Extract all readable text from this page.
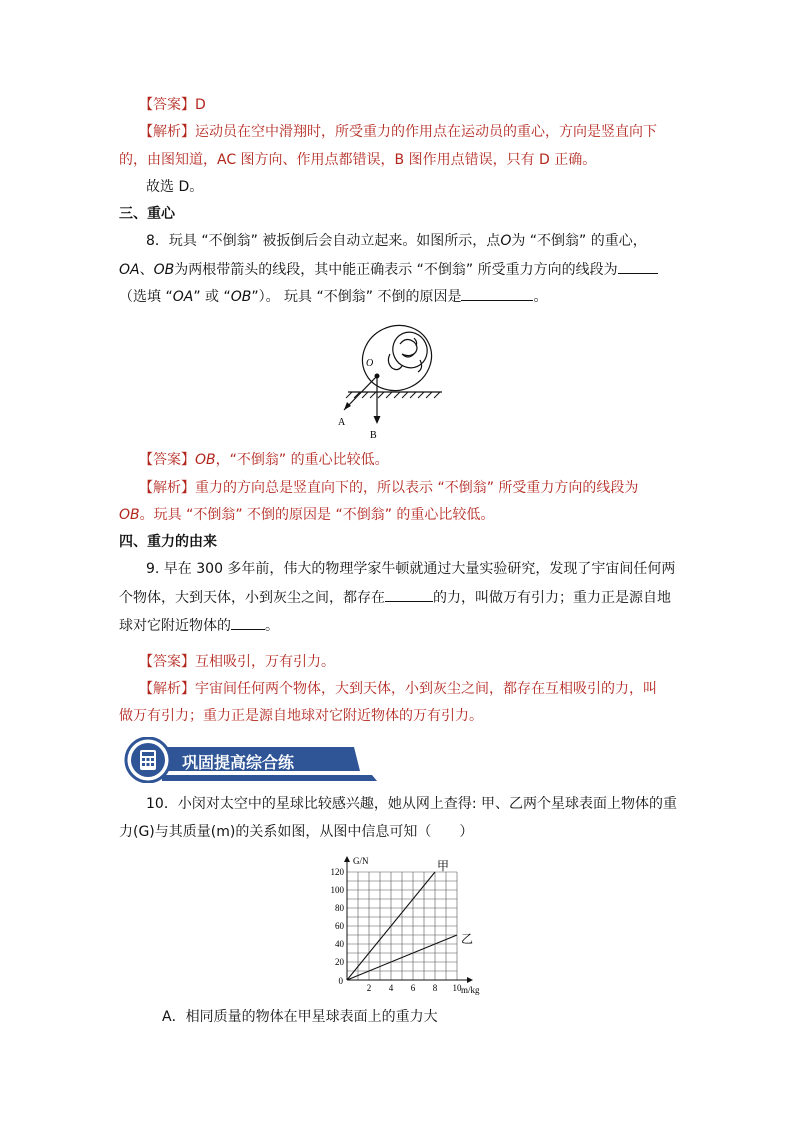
【答案】D
【解析】运动员在空中滑翔时，所受重力的作用点在运动员的重心，方向是竖直向下
的，由图知道，AC 图方向、作用点都错误，B 图作用点错误，只有 D 正确。
故选 D。
三、重心
8．玩具 “不倒翁” 被扳倒后会自动立起来。如图所示，点O为 “不倒翁” 的重心，
OA、OB为两根带箭头的线段，其中能正确表示 “不倒翁” 所受重力方向的线段为
（选填 “OA” 或 “OB”）。 玩具 “不倒翁” 不倒的原因是	。
O
A
B
【答案】OB，“不倒翁” 的重心比较低。
【解析】重力的方向总是竖直向下的，所以表示 “不倒翁” 所受重力方向的线段为
OB。玩具 “不倒翁” 不倒的原因是 “不倒翁” 的重心比较低。
四、重力的由来
9. 早在 300 多年前，伟大的物理学家牛顿就通过大量实验研究，发现了宇宙间任何两
个物体，大到天体，小到灰尘之间，都存在	的力，叫做万有引力；重力正是源自地
球对它附近物体的 。
【答案】互相吸引，万有引力。
【解析】宇宙间任何两个物体，大到天体，小到灰尘之间，都存在互相吸引的力，叫
做万有引力；重力正是源自地球对它附近物体的万有引力。
巩固提高综合练
10．小闵对太空中的星球比较感兴趣，她从网上查得: 甲、乙两个星球表面上物体的重
力(G)与其质量(m)的关系如图，从图中信息可知（　　）
2 4 6 8 10
20
40
60
80
100
120
0
m/kg
G/N	甲
乙
A．相同质量的物体在甲星球表面上的重力大
